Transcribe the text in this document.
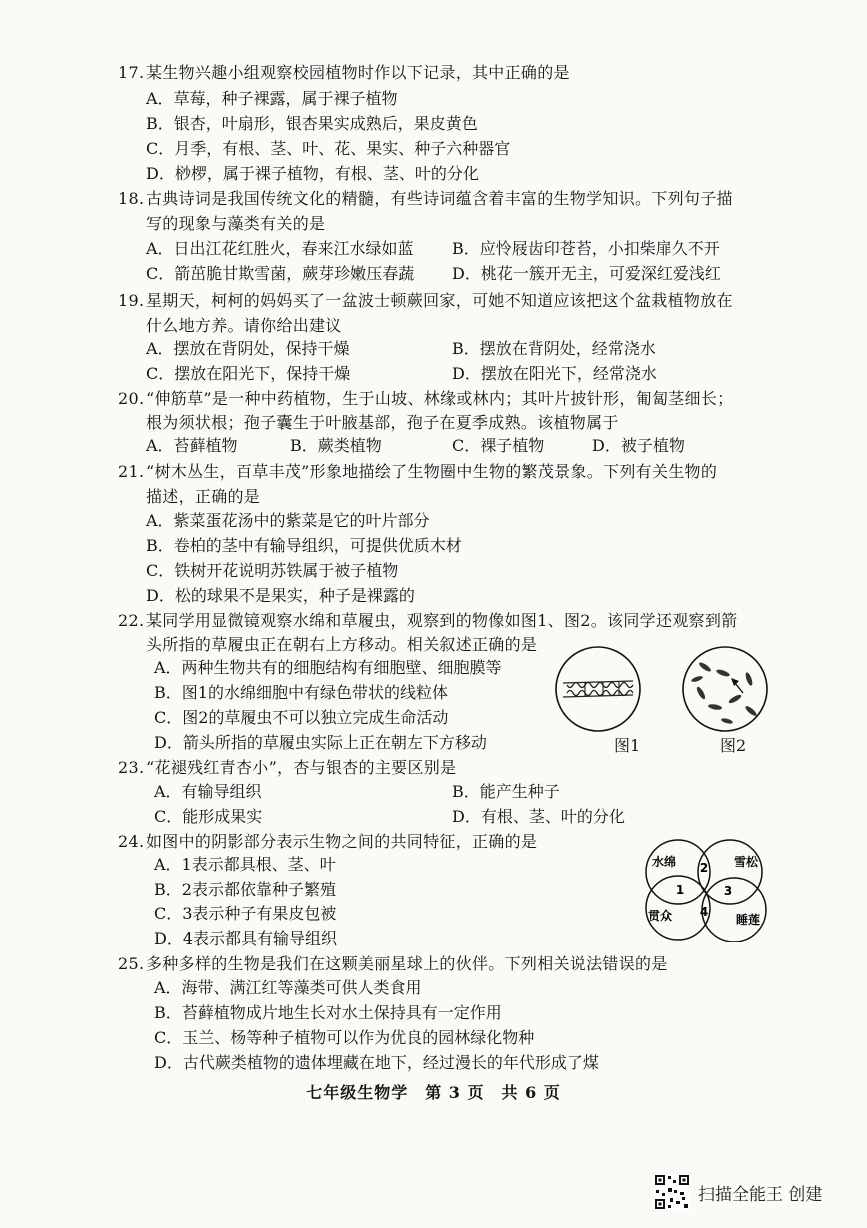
17. 某生物兴趣小组观察校园植物时作以下记录，其中正确的是
A．草莓，种子裸露，属于裸子植物
B．银杏，叶扇形，银杏果实成熟后，果皮黄色
C．月季，有根、茎、叶、花、果实、种子六种器官
D．桫椤，属于裸子植物，有根、茎、叶的分化
18. 古典诗词是我国传统文化的精髓，有些诗词蕴含着丰富的生物学知识。下列句子描
写的现象与藻类有关的是
A．日出江花红胜火，春来江水绿如蓝 B．应怜屐齿印苍苔，小扣柴扉久不开
C．箭茁脆甘欺雪菌，蕨芽珍嫩压春蔬 D．桃花一簇开无主，可爱深红爱浅红
19. 星期天，柯柯的妈妈买了一盆波士顿蕨回家，可她不知道应该把这个盆栽植物放在
什么地方养。请你给出建议
A．摆放在背阴处，保持干燥	B．摆放在背阴处，经常浇水
C．摆放在阳光下，保持干燥	D．摆放在阳光下，经常浇水
20. “伸筋草”是一种中药植物，生于山坡、林缘或林内；其叶片披针形，匍匐茎细长；
根为须状根；孢子囊生于叶腋基部，孢子在夏季成熟。该植物属于
A．苔藓植物	B．蕨类植物	C．裸子植物	D．被子植物
21. “树木丛生，百草丰茂”形象地描绘了生物圈中生物的繁茂景象。下列有关生物的
描述，正确的是
A．紫菜蛋花汤中的紫菜是它的叶片部分
B．卷柏的茎中有输导组织，可提供优质木材
C．铁树开花说明苏铁属于被子植物
D．松的球果不是果实，种子是裸露的
22. 某同学用显微镜观察水绵和草履虫，观察到的物像如图1、图2。该同学还观察到箭
头所指的草履虫正在朝右上方移动。相关叙述正确的是
A．两种生物共有的细胞结构有细胞壁、细胞膜等
B．图1的水绵细胞中有绿色带状的线粒体
C．图2的草履虫不可以独立完成生命活动
D．箭头所指的草履虫实际上正在朝左下方移动	图1	图2
23. “花褪残红青杏小”，杏与银杏的主要区别是
A．有输导组织	B．能产生种子
C．能形成果实	D．有根、茎、叶的分化
24. 如图中的阴影部分表示生物之间的共同特征，正确的是
A．1表示都具根、茎、叶
B．2表示都依靠种子繁殖
C．3表示种子有果皮包被
D．4表示都具有输导组织
水绵	雪松
贯众	睡莲
1
2
3
4
25. 多种多样的生物是我们在这颗美丽星球上的伙伴。下列相关说法错误的是
A．海带、满江红等藻类可供人类食用
B．苔藓植物成片地生长对水土保持具有一定作用
C．玉兰、杨等种子植物可以作为优良的园林绿化物种
D．古代蕨类植物的遗体埋藏在地下，经过漫长的年代形成了煤
七年级生物学　第 3 页　共 6 页
扫描全能王 创建
